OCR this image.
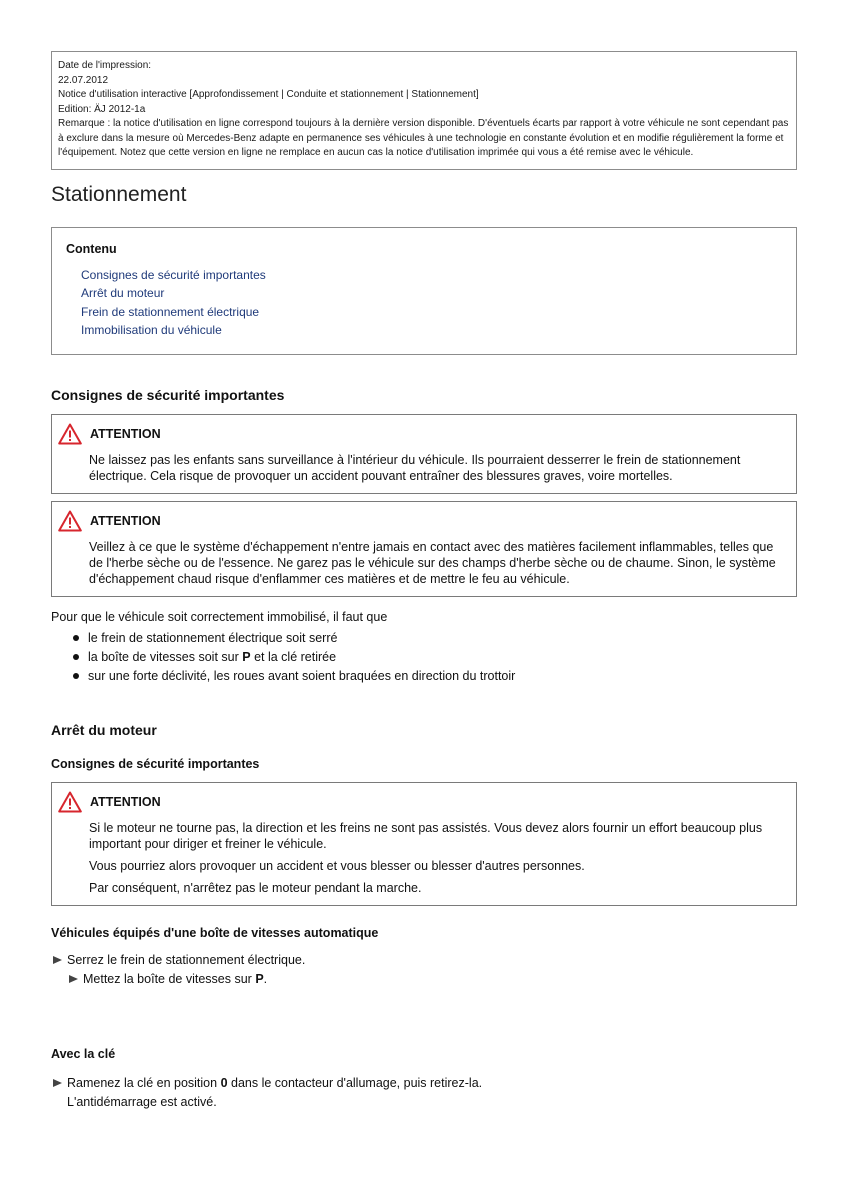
Date de l'impression:
22.07.2012
Notice d'utilisation interactive [Approfondissement | Conduite et stationnement | Stationnement]
Edition: ÄJ 2012-1a
Remarque : la notice d'utilisation en ligne correspond toujours à la dernière version disponible. D'éventuels écarts par rapport à votre véhicule ne sont cependant pas à exclure dans la mesure où Mercedes-Benz adapte en permanence ses véhicules à une technologie en constante évolution et en modifie régulièrement la forme et l'équipement. Notez que cette version en ligne ne remplace en aucun cas la notice d'utilisation imprimée qui vous a été remise avec le véhicule.
Stationnement
Contenu
Consignes de sécurité importantes
Arrêt du moteur
Frein de stationnement électrique
Immobilisation du véhicule
Consignes de sécurité importantes
ATTENTION

Ne laissez pas les enfants sans surveillance à l'intérieur du véhicule. Ils pourraient desserrer le frein de stationnement électrique. Cela risque de provoquer un accident pouvant entraîner des blessures graves, voire mortelles.

ATTENTION

Veillez à ce que le système d'échappement n'entre jamais en contact avec des matières facilement inflammables, telles que de l'herbe sèche ou de l'essence. Ne garez pas le véhicule sur des champs d'herbe sèche ou de chaume. Sinon, le système d'échappement chaud risque d'enflammer ces matières et de mettre le feu au véhicule.

Pour que le véhicule soit correctement immobilisé, il faut que

le frein de stationnement électrique soit serré
la boîte de vitesses soit sur P et la clé retirée
sur une forte déclivité, les roues avant soient braquées en direction du trottoir
Arrêt du moteur
Consignes de sécurité importantes
ATTENTION

Si le moteur ne tourne pas, la direction et les freins ne sont pas assistés. Vous devez alors fournir un effort beaucoup plus important pour diriger et freiner le véhicule.

Vous pourriez alors provoquer un accident et vous blesser ou blesser d'autres personnes.

Par conséquent, n'arrêtez pas le moteur pendant la marche.

Véhicules équipés d'une boîte de vitesses automatique
Serrez le frein de stationnement électrique.
Mettez la boîte de vitesses sur P.
Avec la clé
Ramenez la clé en position 0 dans le contacteur d'allumage, puis retirez-la.
L'antidémarrage est activé.
